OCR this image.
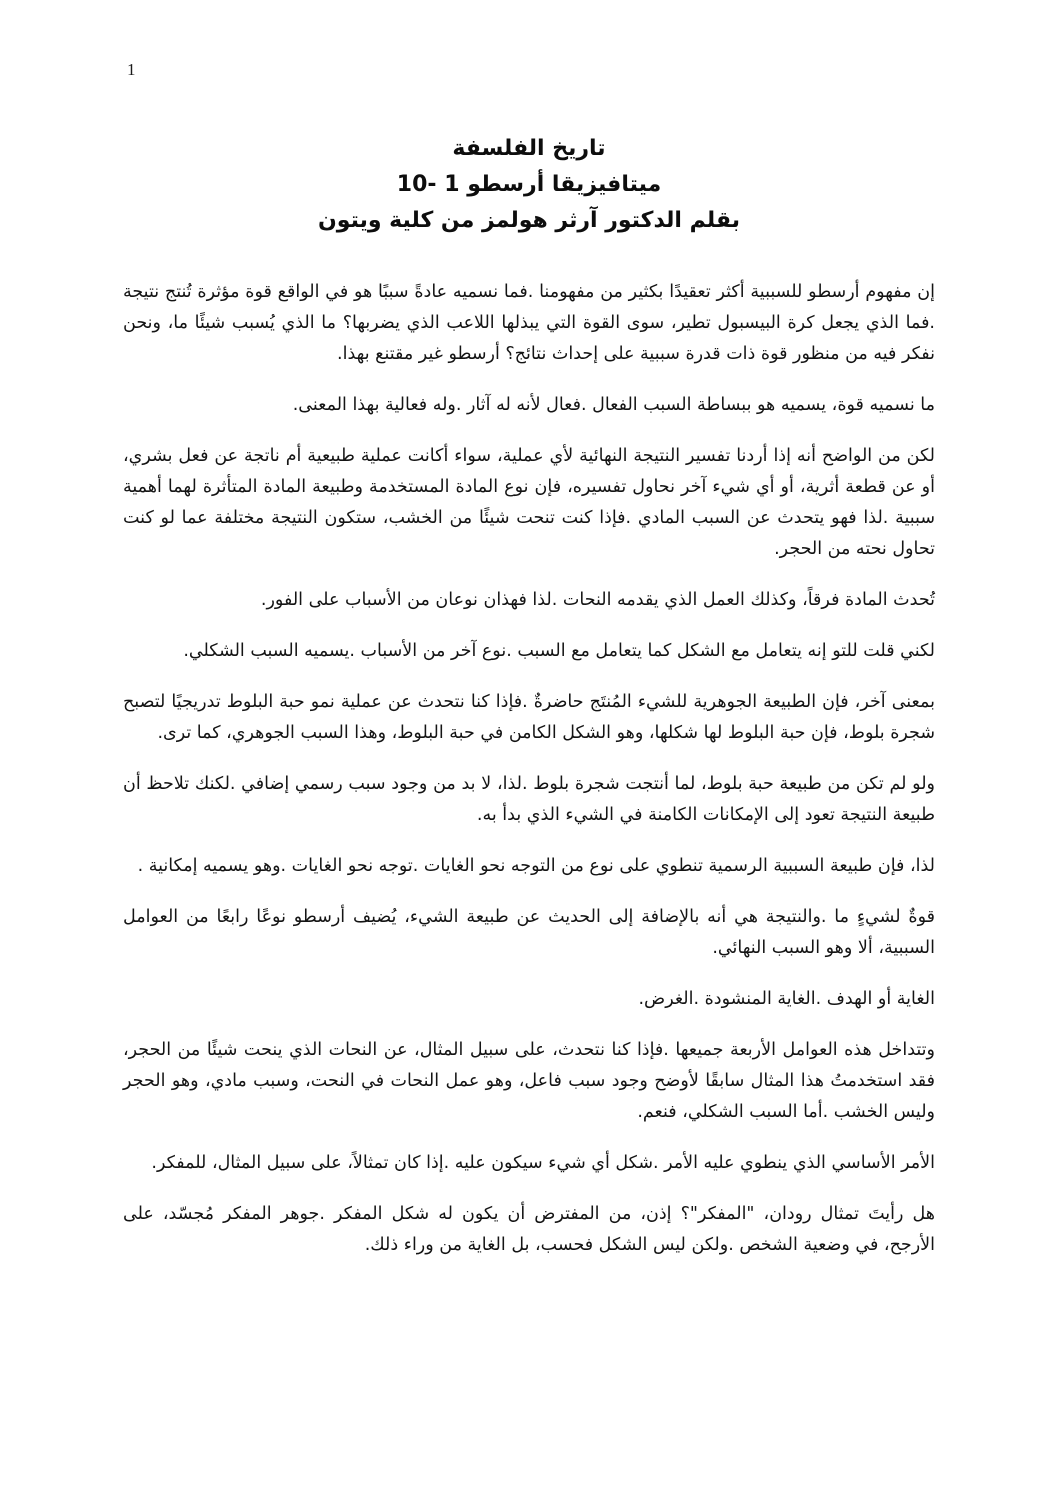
1
تاريخ الفلسفة
ميتافيزيقا أرسطو 1 -10
بقلم الدكتور آرثر هولمز من كلية ويتون

إن مفهوم أرسطو للسببية أكثر تعقيدًا بكثير من مفهومنا .فما نسميه عادةً سببًا هو في الواقع قوة مؤثرة تُنتج نتيجة .فما الذي يجعل كرة البيسبول تطير، سوى القوة التي يبذلها اللاعب الذي يضربها؟ ما الذي يُسبب شيئًا ما، ونحن نفكر فيه من منظور قوة ذات قدرة سببية على إحداث نتائج؟ أرسطو غير مقتنع بهذا.

ما نسميه قوة، يسميه هو ببساطة السبب الفعال .فعال لأنه له آثار .وله فعالية بهذا المعنى.

لكن من الواضح أنه إذا أردنا تفسير النتيجة النهائية لأي عملية، سواء أكانت عملية طبيعية أم ناتجة عن فعل بشري، أو عن قطعة أثرية، أو أي شيء آخر نحاول تفسيره، فإن نوع المادة المستخدمة وطبيعة المادة المتأثرة لهما أهمية سببية .لذا فهو يتحدث عن السبب المادي .فإذا كنت تنحت شيئًا من الخشب، ستكون النتيجة مختلفة عما لو كنت تحاول نحته من الحجر.

تُحدث المادة فرقاً، وكذلك العمل الذي يقدمه النحات .لذا فهذان نوعان من الأسباب على الفور.

لكني قلت للتو إنه يتعامل مع الشكل كما يتعامل مع السبب .نوع آخر من الأسباب .يسميه السبب الشكلي.

بمعنى آخر، فإن الطبيعة الجوهرية للشيء المُنتَج حاضرةٌ .فإذا كنا نتحدث عن عملية نمو حبة البلوط تدريجيًا لتصبح شجرة بلوط، فإن حبة البلوط لها شكلها، وهو الشكل الكامن في حبة البلوط، وهذا السبب الجوهري، كما ترى.

ولو لم تكن من طبيعة حبة بلوط، لما أنتجت شجرة بلوط .لذا، لا بد من وجود سبب رسمي إضافي .لكنك تلاحظ أن طبيعة النتيجة تعود إلى الإمكانات الكامنة في الشيء الذي بدأ به.

لذا، فإن طبيعة السببية الرسمية تنطوي على نوع من التوجه نحو الغايات .توجه نحو الغايات .وهو يسميه إمكانية .

قوةٌ لشيءٍ ما .والنتيجة هي أنه بالإضافة إلى الحديث عن طبيعة الشيء، يُضيف أرسطو نوعًا رابعًا من العوامل السببية، ألا وهو السبب النهائي.

الغاية أو الهدف .الغاية المنشودة .الغرض.

وتتداخل هذه العوامل الأربعة جميعها .فإذا كنا نتحدث، على سبيل المثال، عن النحات الذي ينحت شيئًا من الحجر، فقد استخدمتُ هذا المثال سابقًا لأوضح وجود سبب فاعل، وهو عمل النحات في النحت، وسبب مادي، وهو الحجر وليس الخشب .أما السبب الشكلي، فنعم.

الأمر الأساسي الذي ينطوي عليه الأمر .شكل أي شيء سيكون عليه .إذا كان تمثالاً، على سبيل المثال، للمفكر.

هل رأيتَ تمثال رودان، "المفكر"؟ إذن، من المفترض أن يكون له شكل المفكر .جوهر المفكر مُجسّد، على الأرجح، في وضعية الشخص .ولكن ليس الشكل فحسب، بل الغاية من وراء ذلك.
